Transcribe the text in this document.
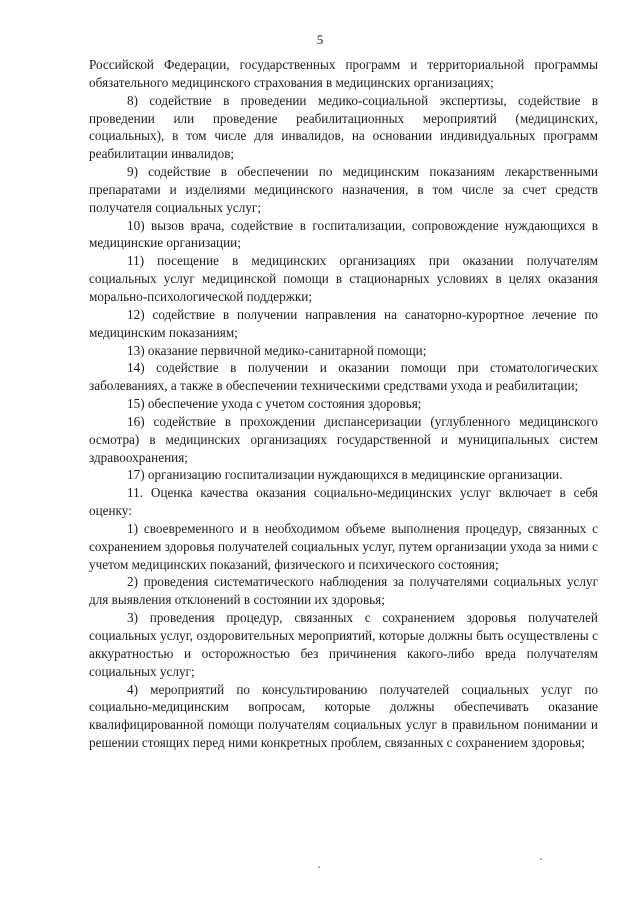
5

Российской Федерации, государственных программ и территориальной программы обязательного медицинского страхования в медицинских организациях;

8) содействие в проведении медико-социальной экспертизы, содействие в проведении или проведение реабилитационных мероприятий (медицинских, социальных), в том числе для инвалидов, на основании индивидуальных программ реабилитации инвалидов;

9) содействие в обеспечении по медицинским показаниям лекарственными препаратами и изделиями медицинского назначения, в том числе за счет средств получателя социальных услуг;

10) вызов врача, содействие в госпитализации, сопровождение нуждающихся в медицинские организации;

11) посещение в медицинских организациях при оказании получателям социальных услуг медицинской помощи в стационарных условиях в целях оказания морально-психологической поддержки;

12) содействие в получении направления на санаторно-курортное лечение по медицинским показаниям;

13) оказание первичной медико-санитарной помощи;

14) содействие в получении и оказании помощи при стоматологических заболеваниях, а также в обеспечении техническими средствами ухода и реабилитации;

15) обеспечение ухода с учетом состояния здоровья;

16) содействие в прохождении диспансеризации (углубленного медицинского осмотра) в медицинских организациях государственной и муниципальных систем здравоохранения;

17) организацию госпитализации нуждающихся в медицинские организации.

11. Оценка качества оказания социально-медицинских услуг включает в себя оценку:

1) своевременного и в необходимом объеме выполнения процедур, связанных с сохранением здоровья получателей социальных услуг, путем организации ухода за ними с учетом медицинских показаний, физического и психического состояния;

2) проведения систематического наблюдения за получателями социальных услуг для выявления отклонений в состоянии их здоровья;

3) проведения процедур, связанных с сохранением здоровья получателей социальных услуг, оздоровительных мероприятий, которые должны быть осуществлены с аккуратностью и осторожностью без причинения какого-либо вреда получателям социальных услуг;

4) мероприятий по консультированию получателей социальных услуг по социально-медицинским вопросам, которые должны обеспечивать оказание квалифицированной помощи получателям социальных услуг в правильном понимании и решении стоящих перед ними конкретных проблем, связанных с сохранением здоровья;
